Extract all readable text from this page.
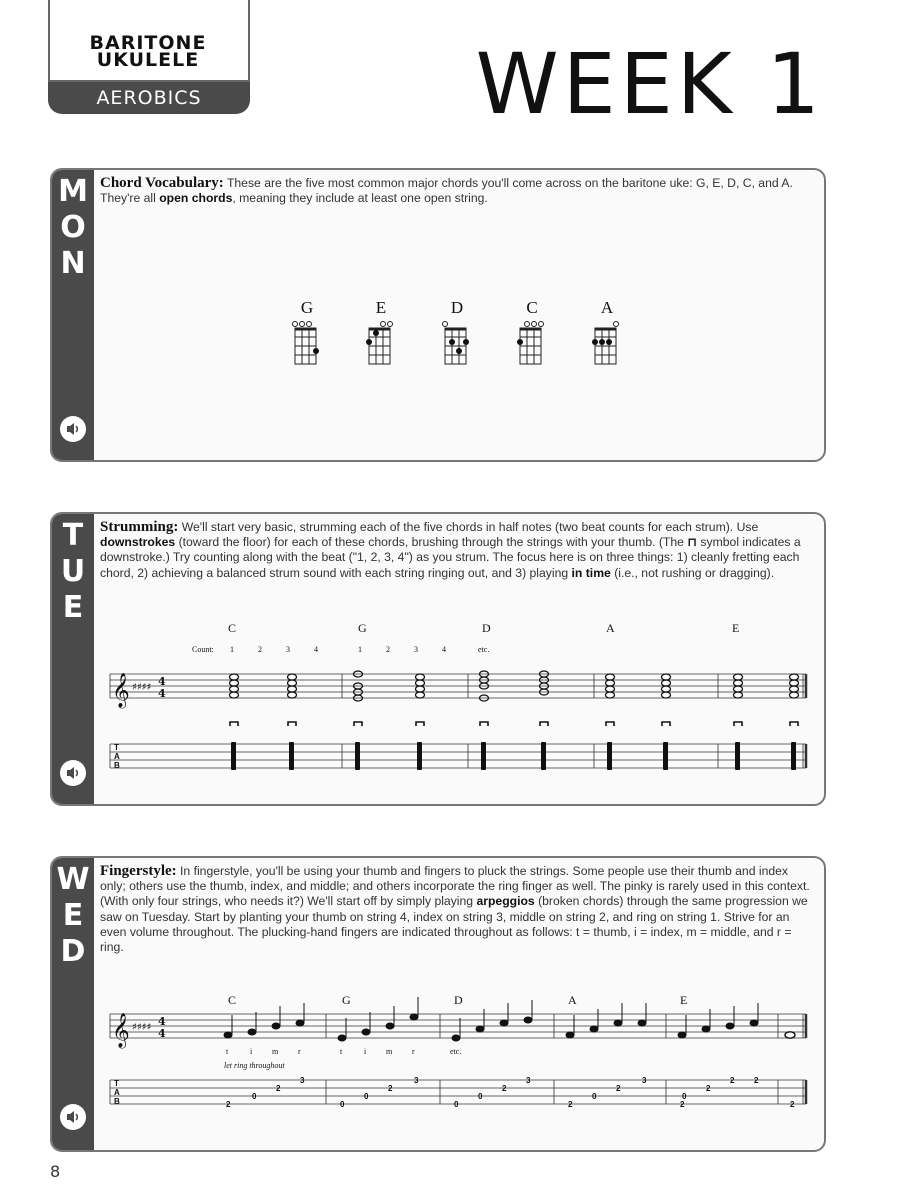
BARITONE
UKULELE
AEROBICS	WEEK 1
M
O
N
Chord Vocabulary: These are the five most common major chords you'll come across on the baritone uke: G, E, D, C, and A. They're all open chords, meaning they include at least one open string.
G	E	D	C	A
T
U
E
Strumming: We'll start very basic, strumming each of the five chords in half notes (two beat counts for each strum). Use downstrokes (toward the floor) for each of these chords, brushing through the strings with your thumb. (The ⊓ symbol indicates a downstroke.) Try counting along with the beat ("1, 2, 3, 4") as you strum. The focus here is on three things: 1) cleanly fretting each chord, 2) achieving a balanced strum sound with each string ringing out, and 3) playing in time (i.e., not rushing or dragging).
C	G	D	A	E
Count: 1	2	3	4	1	2	3	4	etc.
𝄞 ♯♯♯♯ 4
4
T
A
B
W
E
D
Fingerstyle: In fingerstyle, you'll be using your thumb and fingers to pluck the strings. Some people use their thumb and index only; others use the thumb, index, and middle; and others incorporate the ring finger as well. The pinky is rarely used in this context. (With only four strings, who needs it?) We'll start off by simply playing arpeggios (broken chords) through the same progression we saw on Tuesday. Start by planting your thumb on string 4, index on string 3, middle on string 2, and ring on string 1. Strive for an even volume throughout. The plucking-hand fingers are indicated throughout as follows: t = thumb, i = index, m = middle, and r = ring.
C	G	D	A	E
𝄞 ♯♯♯♯ 4
4
t	i m r	t	i m r	etc.
let ring throughout
T
A
B
3	3	3	3	2 2
2	2	2	2	2
0	0	0	0	0
2	0	0	2	2	2
8
